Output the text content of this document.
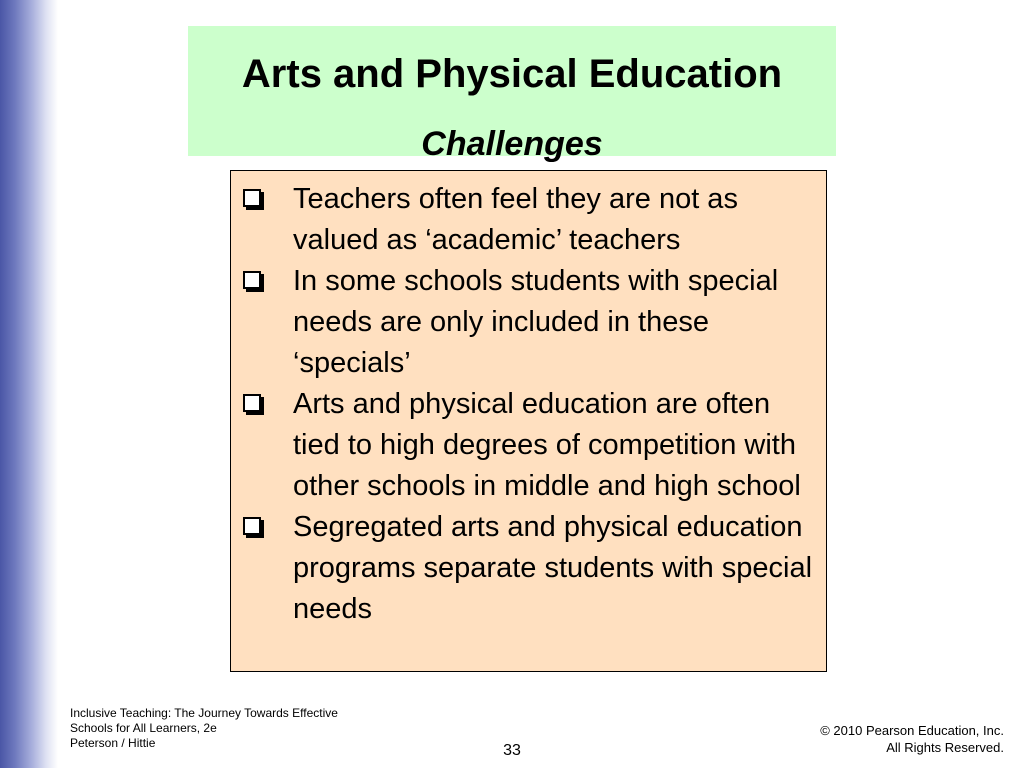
Arts and Physical Education
Challenges
Teachers often feel they are not as valued as ‘academic’ teachers
In some schools students with special needs are only included in these ‘specials’
Arts and physical education are often tied to high degrees of competition with other schools in middle and high school
Segregated arts and physical education programs separate students with special needs
Inclusive Teaching: The Journey Towards Effective
Schools for All Learners, 2e
Peterson / Hittie	33
© 2010 Pearson Education, Inc.
All Rights Reserved.
